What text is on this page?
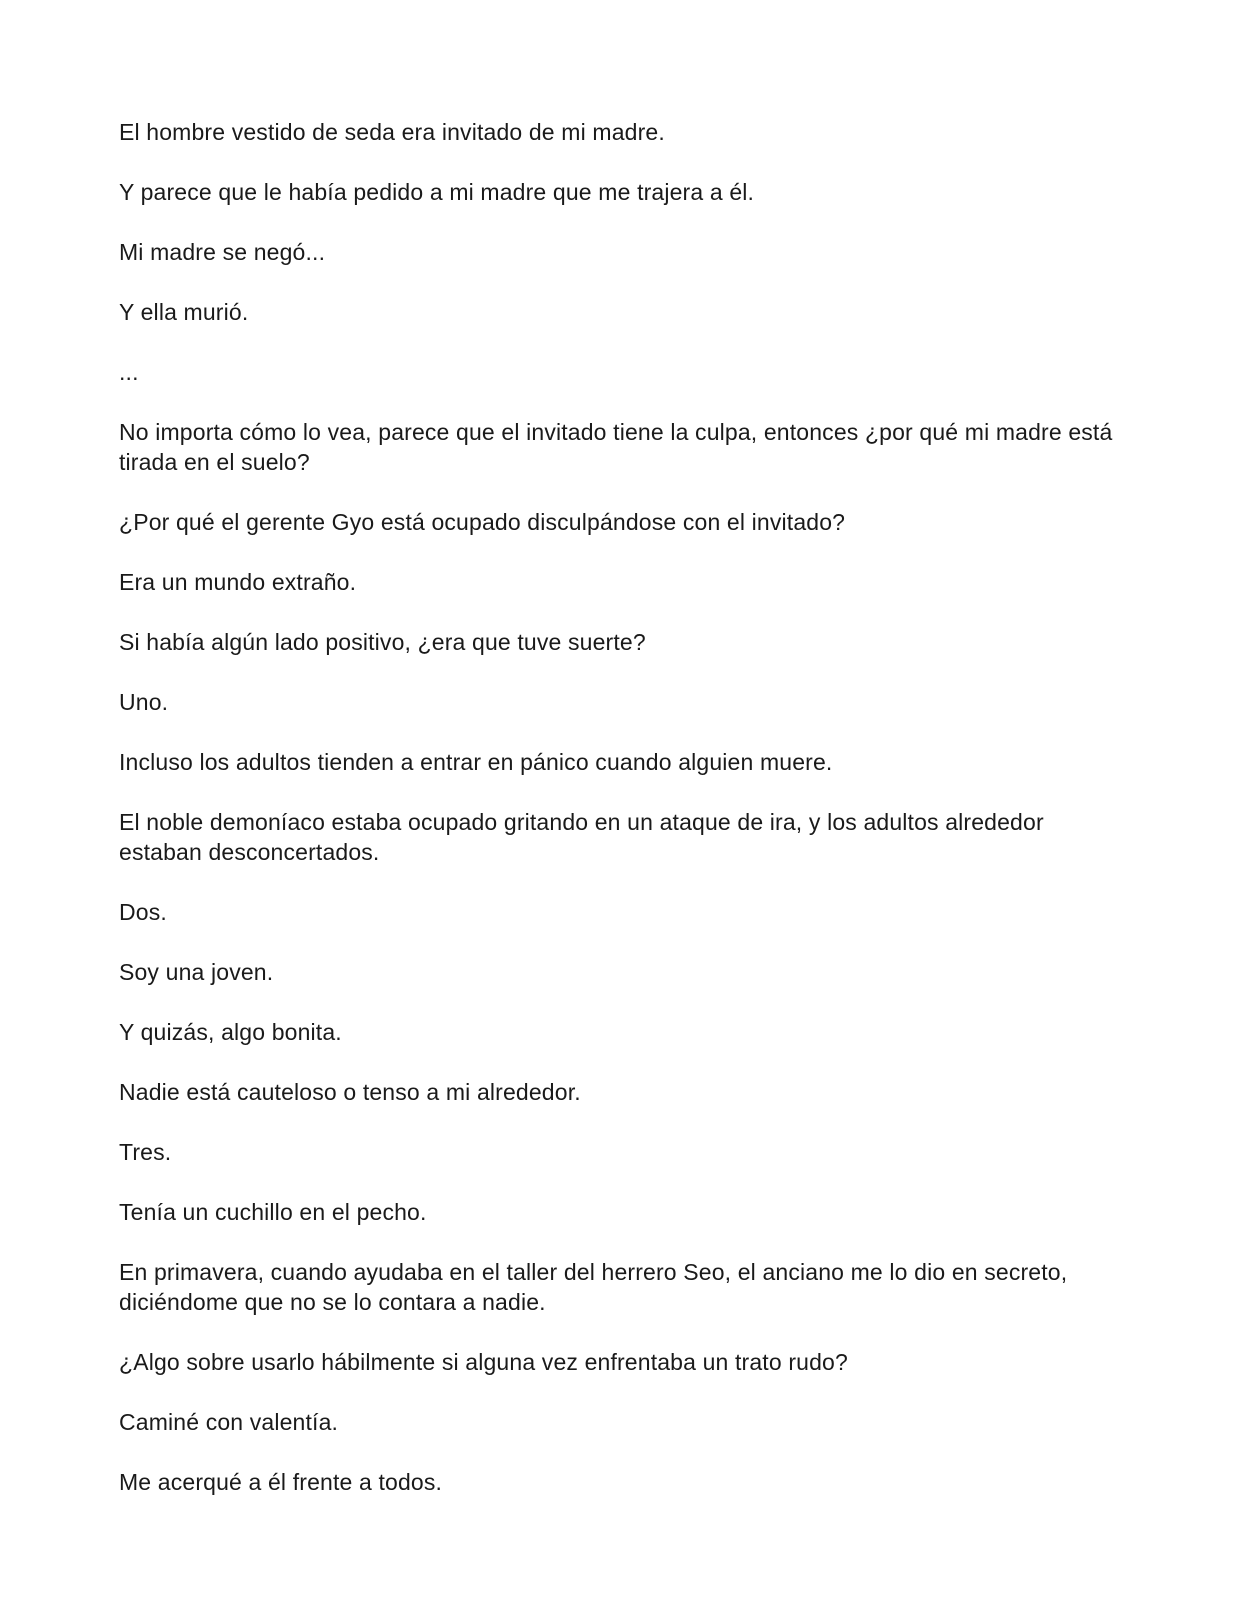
El hombre vestido de seda era invitado de mi madre.

Y parece que le había pedido a mi madre que me trajera a él.

Mi madre se negó...

Y ella murió.

...

No importa cómo lo vea, parece que el invitado tiene la culpa, entonces ¿por qué mi madre está tirada en el suelo?

¿Por qué el gerente Gyo está ocupado disculpándose con el invitado?

Era un mundo extraño.

Si había algún lado positivo, ¿era que tuve suerte?

Uno.

Incluso los adultos tienden a entrar en pánico cuando alguien muere.

El noble demoníaco estaba ocupado gritando en un ataque de ira, y los adultos alrededor estaban desconcertados.

Dos.

Soy una joven.

Y quizás, algo bonita.

Nadie está cauteloso o tenso a mi alrededor.

Tres.

Tenía un cuchillo en el pecho.

En primavera, cuando ayudaba en el taller del herrero Seo, el anciano me lo dio en secreto, diciéndome que no se lo contara a nadie.

¿Algo sobre usarlo hábilmente si alguna vez enfrentaba un trato rudo?

Caminé con valentía.

Me acerqué a él frente a todos.
